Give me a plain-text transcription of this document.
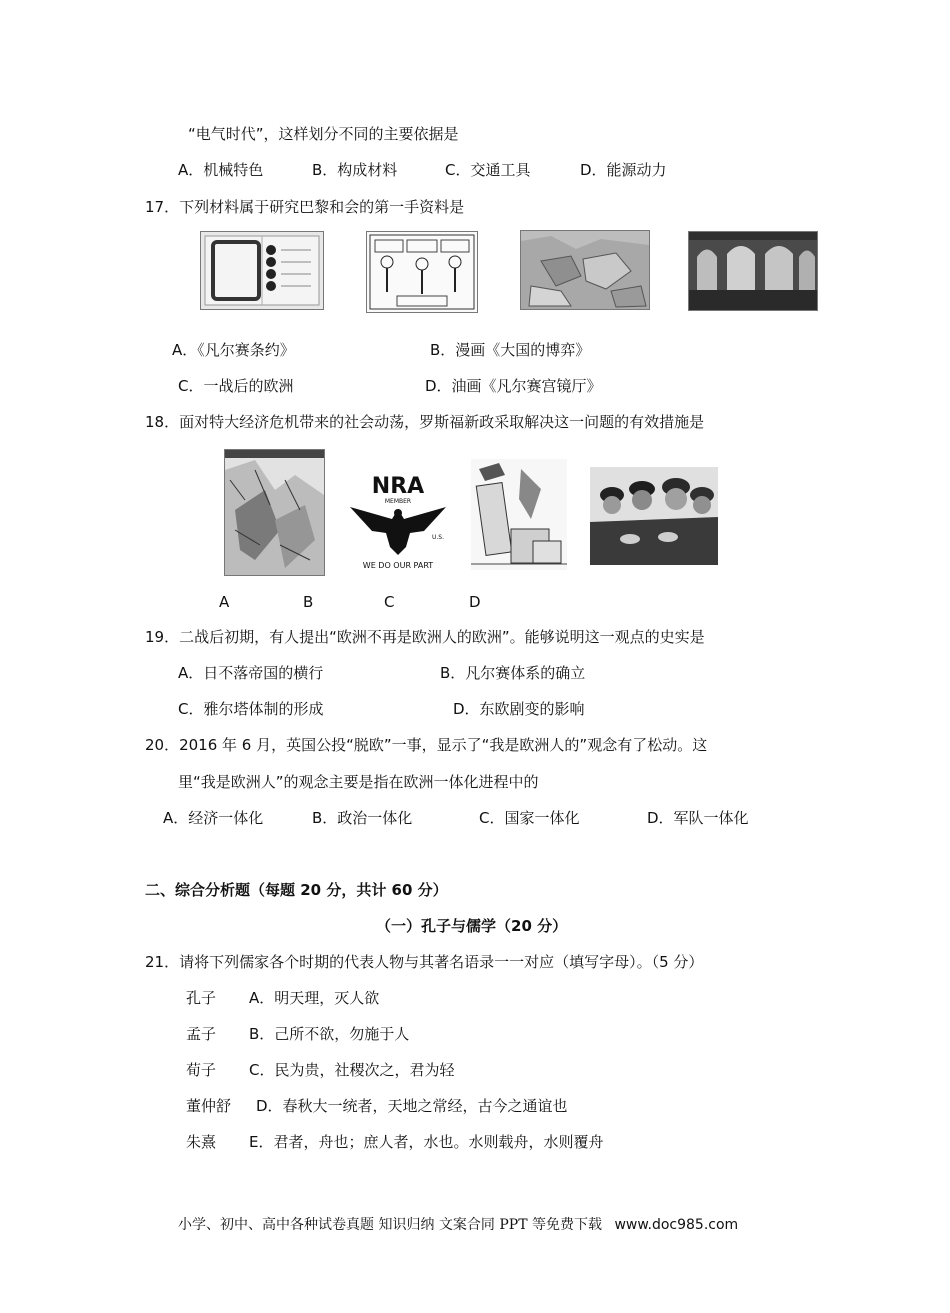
“电气时代”，这样划分不同的主要依据是
A．机械特色	B．构成材料	C．交通工具	D．能源动力
17．下列材料属于研究巴黎和会的第一手资料是
A．《凡尔赛条约》	B．漫画《大国的博弈》
C．一战后的欧洲	D．油画《凡尔赛宫镜厅》
18．面对特大经济危机带来的社会动荡，罗斯福新政采取解决这一问题的有效措施是
NRA
MEMBER
U.S.
WE DO OUR PART
A	B	C	D
19．二战后初期，有人提出“欧洲不再是欧洲人的欧洲”。能够说明这一观点的史实是
A．日不落帝国的横行	B．凡尔赛体系的确立
C．雅尔塔体制的形成	D．东欧剧变的影响
20．2016 年 6 月，英国公投“脱欧”一事，显示了“我是欧洲人的”观念有了松动。这
里“我是欧洲人”的观念主要是指在欧洲一体化进程中的
A．经济一体化	B．政治一体化	C．国家一体化	D．军队一体化
二、综合分析题（每题 20 分，共计 60 分）
（一）孔子与儒学（20 分）
21．请将下列儒家各个时期的代表人物与其著名语录一一对应（填写字母）。（5 分）
孔子 A．明天理，灭人欲
孟子 B．己所不欲，勿施于人
荀子 C．民为贵，社稷次之，君为轻
董仲舒 D．春秋大一统者，天地之常经，古今之通谊也
朱熹 E．君者，舟也；庶人者，水也。水则载舟，水则覆舟
小学、初中、高中各种试卷真题 知识归纳 文案合同 PPT 等免费下载 www.doc985.com
